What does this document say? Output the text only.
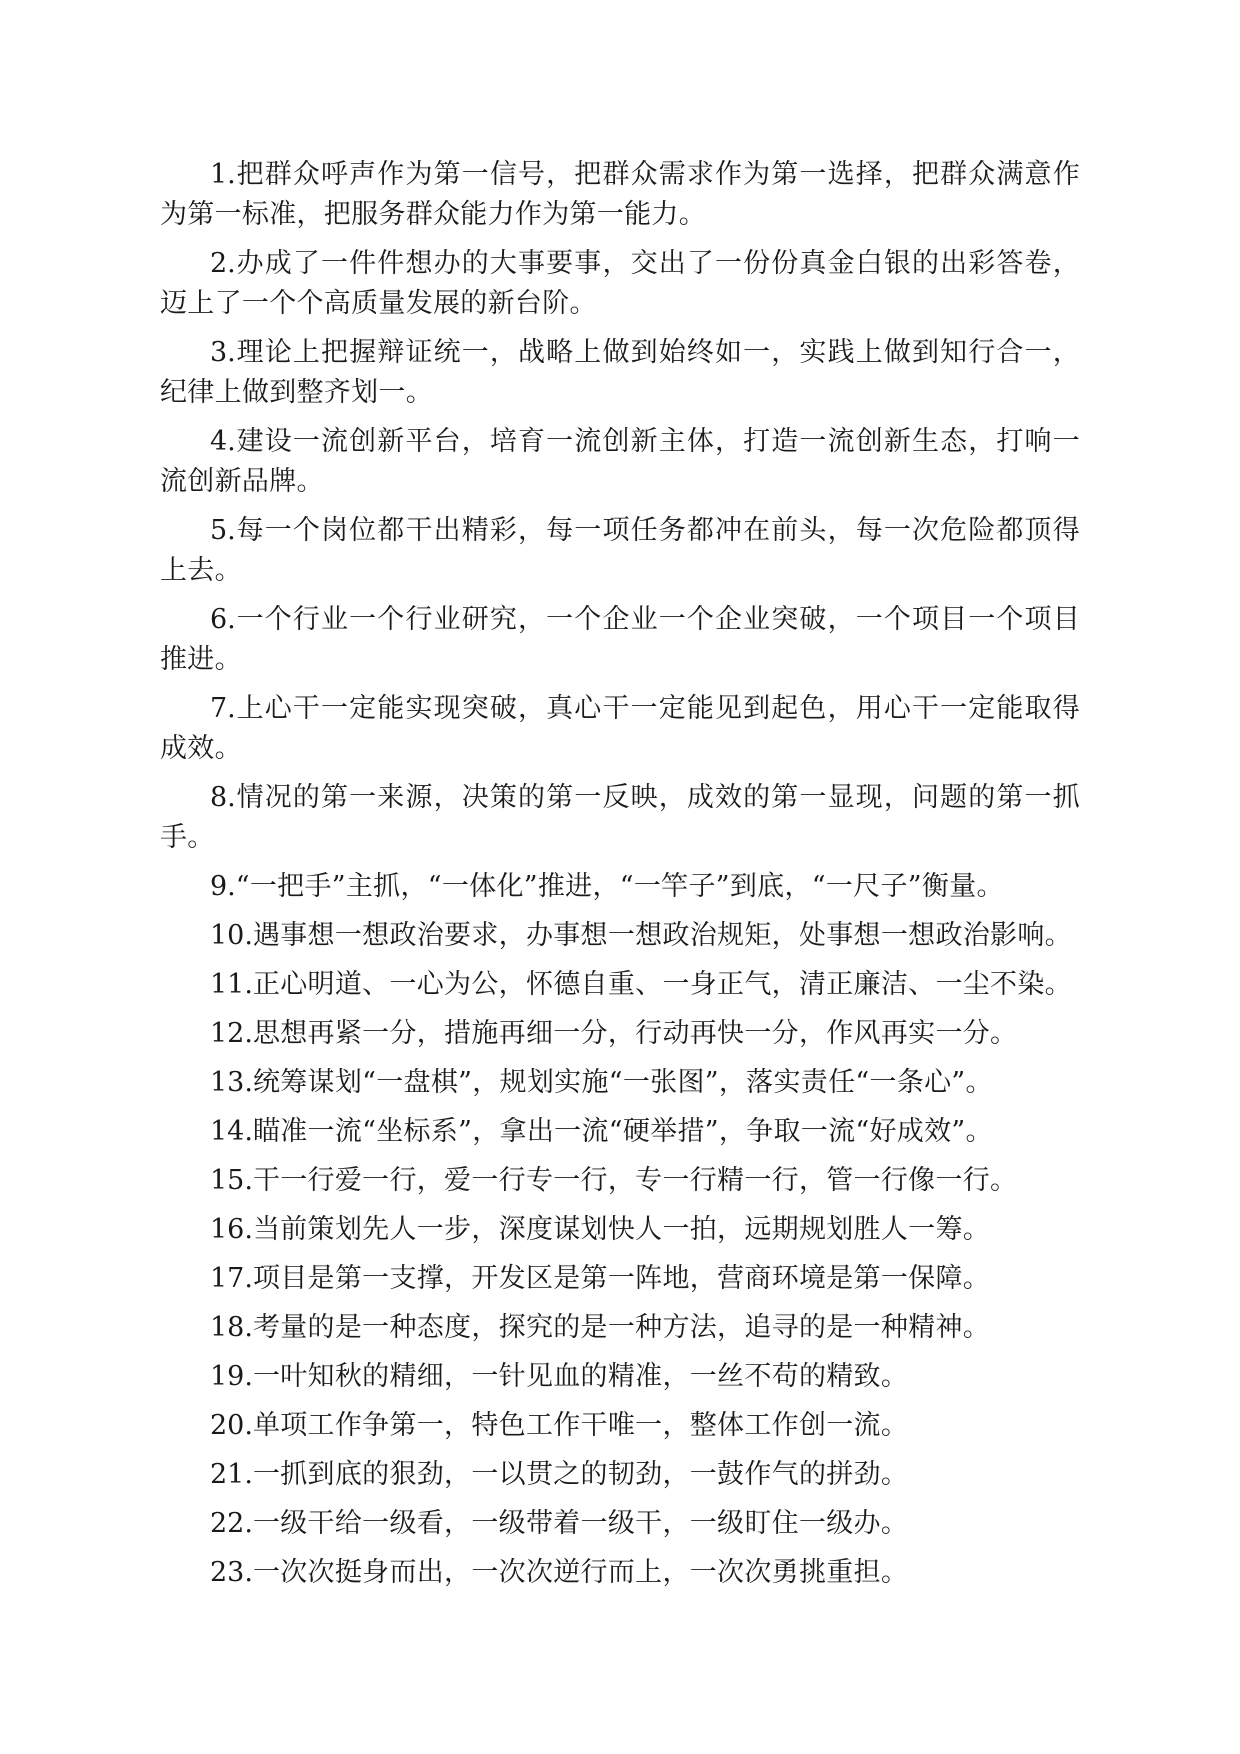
1.把群众呼声作为第一信号，把群众需求作为第一选择，把群众满意作为第一标准，把服务群众能力作为第一能力。

2.办成了一件件想办的大事要事，交出了一份份真金白银的出彩答卷，迈上了一个个高质量发展的新台阶。

3.理论上把握辩证统一，战略上做到始终如一，实践上做到知行合一，纪律上做到整齐划一。

4.建设一流创新平台，培育一流创新主体，打造一流创新生态，打响一流创新品牌。

5.每一个岗位都干出精彩，每一项任务都冲在前头，每一次危险都顶得上去。

6.一个行业一个行业研究，一个企业一个企业突破，一个项目一个项目推进。

7.上心干一定能实现突破，真心干一定能见到起色，用心干一定能取得成效。

8.情况的第一来源，决策的第一反映，成效的第一显现，问题的第一抓手。

9.“一把手”主抓，“一体化”推进，“一竿子”到底，“一尺子”衡量。

10.遇事想一想政治要求，办事想一想政治规矩，处事想一想政治影响。

11.正心明道、一心为公，怀德自重、一身正气，清正廉洁、一尘不染。

12.思想再紧一分，措施再细一分，行动再快一分，作风再实一分。

13.统筹谋划“一盘棋”，规划实施“一张图”，落实责任“一条心”。

14.瞄准一流“坐标系”，拿出一流“硬举措”，争取一流“好成效”。

15.干一行爱一行，爱一行专一行，专一行精一行，管一行像一行。

16.当前策划先人一步，深度谋划快人一拍，远期规划胜人一筹。

17.项目是第一支撑，开发区是第一阵地，营商环境是第一保障。

18.考量的是一种态度，探究的是一种方法，追寻的是一种精神。

19.一叶知秋的精细，一针见血的精准，一丝不苟的精致。

20.单项工作争第一，特色工作干唯一，整体工作创一流。

21.一抓到底的狠劲，一以贯之的韧劲，一鼓作气的拼劲。

22.一级干给一级看，一级带着一级干，一级盯住一级办。

23.一次次挺身而出，一次次逆行而上，一次次勇挑重担。
